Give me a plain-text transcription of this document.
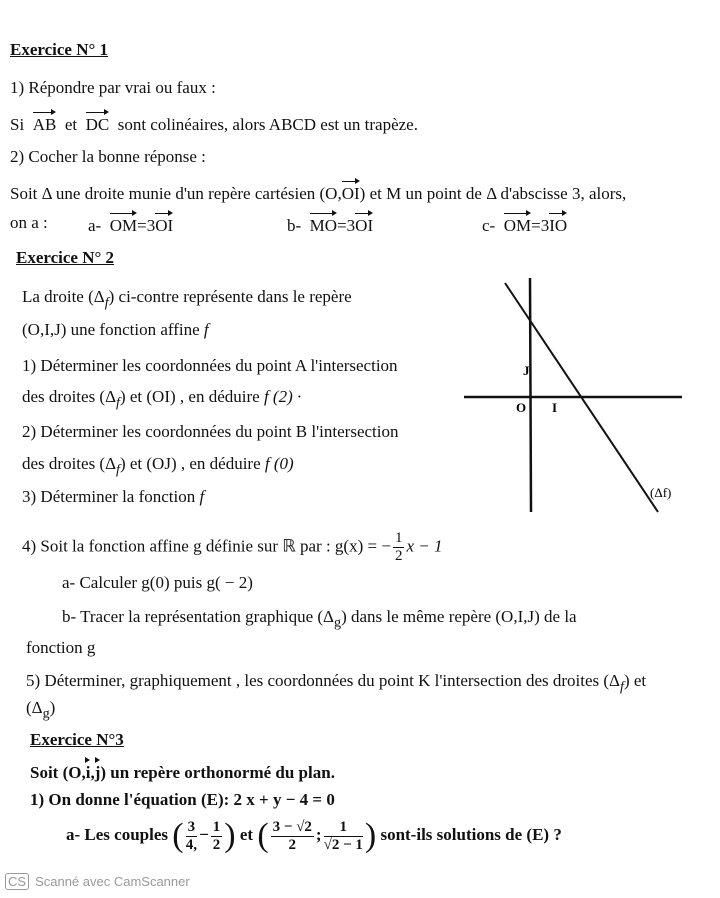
Exercice N° 1
1) Répondre par vrai ou faux :
Si AB et DC sont colinéaires, alors ABCD est un trapèze.
2) Cocher la bonne réponse :
Soit Δ une droite munie d'un repère cartésien (O,OI) et M un point de Δ d'abscisse 3, alors,
on a : a- OM=3OI	b- MO=3OI	c- OM=3IO
Exercice N° 2
La droite $(\Delta_f)$ ci-contre représente dans le repère
(O,I,J) une fonction affine f
1) Déterminer les coordonnées du point A l'intersection
des droites $(\Delta_f)$ et (OI) , en déduire f (2) ·
2) Déterminer les coordonnées du point B l'intersection
des droites $(\Delta_f)$ et (OJ) , en déduire f (0)
3) Déterminer la fonction f
4) Soit la fonction affine g définie sur ℝ par : g(x) = − $\frac{1}{2}$ x − 1
a- Calculer g(0) puis g( − 2)
b- Tracer la représentation graphique $(\Delta_g)$ dans le même repère (O,I,J) de la
fonction g
5) Déterminer, graphiquement , les coordonnées du point K l'intersection des droites $(\Delta_f)$ et
$(\Delta_g)$
J
O I
(Δf)
Exercice N°3
Soit (O,i,j) un repère orthonormé du plan.
1) On donne l'équation (E): 2 x + y − 4 = 0
a- Les couples ( $\frac{3}{4,} - \frac{1}{2}$ ) et ( $\frac{3 - √2}{2}$ ; $\frac{1}{√2 - 1}$ ) sont-ils solutions de (E) ?
CS Scanné avec CamScanner
